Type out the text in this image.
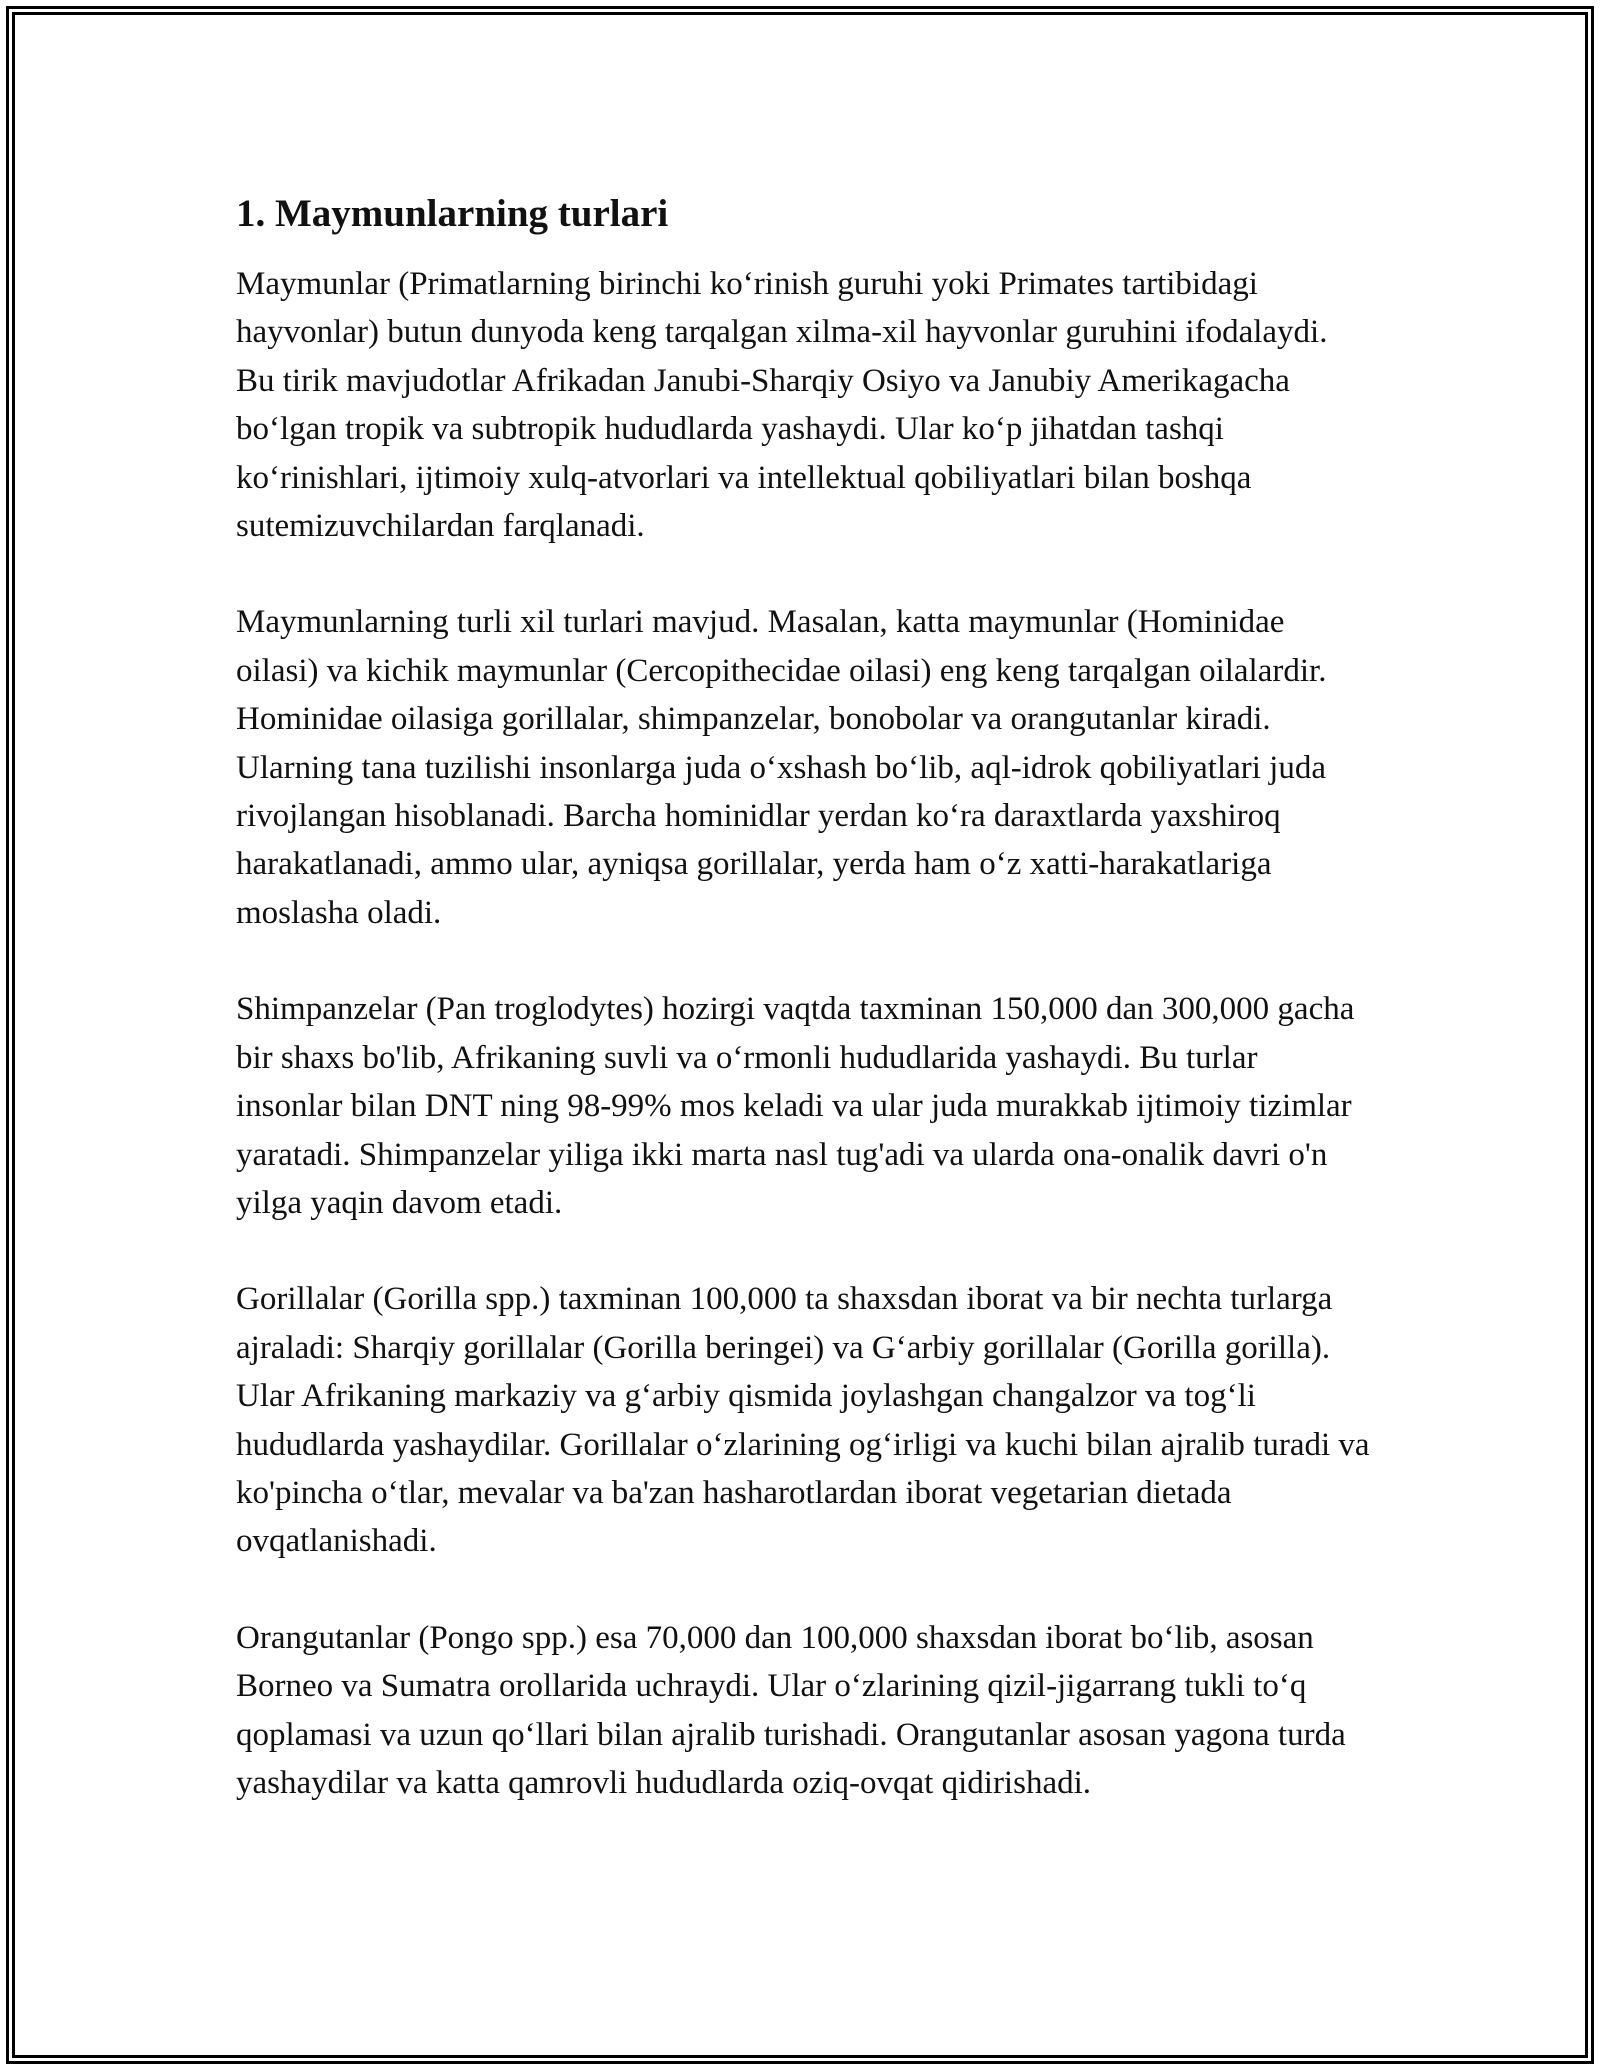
1. Maymunlarning turlari

Maymunlar (Primatlarning birinchi ko‘rinish guruhi yoki Primates tartibidagi hayvonlar) butun dunyoda keng tarqalgan xilma-xil hayvonlar guruhini ifodalaydi. Bu tirik mavjudotlar Afrikadan Janubi-Sharqiy Osiyo va Janubiy Amerikagacha bo‘lgan tropik va subtropik hududlarda yashaydi. Ular ko‘p jihatdan tashqi ko‘rinishlari, ijtimoiy xulq-atvorlari va intellektual qobiliyatlari bilan boshqa sutemizuvchilardan farqlanadi.

Maymunlarning turli xil turlari mavjud. Masalan, katta maymunlar (Hominidae oilasi) va kichik maymunlar (Cercopithecidae oilasi) eng keng tarqalgan oilalardir. Hominidae oilasiga gorillalar, shimpanzelar, bonobolar va orangutanlar kiradi. Ularning tana tuzilishi insonlarga juda o‘xshash bo‘lib, aql-idrok qobiliyatlari juda rivojlangan hisoblanadi. Barcha hominidlar yerdan ko‘ra daraxtlarda yaxshiroq harakatlanadi, ammo ular, ayniqsa gorillalar, yerda ham o‘z xatti-harakatlariga moslasha oladi.

Shimpanzelar (Pan troglodytes) hozirgi vaqtda taxminan 150,000 dan 300,000 gacha bir shaxs bo'lib, Afrikaning suvli va o‘rmonli hududlarida yashaydi. Bu turlar insonlar bilan DNT ning 98-99% mos keladi va ular juda murakkab ijtimoiy tizimlar yaratadi. Shimpanzelar yiliga ikki marta nasl tug'adi va ularda ona-onalik davri o'n yilga yaqin davom etadi.

Gorillalar (Gorilla spp.) taxminan 100,000 ta shaxsdan iborat va bir nechta turlarga ajraladi: Sharqiy gorillalar (Gorilla beringei) va G‘arbiy gorillalar (Gorilla gorilla). Ular Afrikaning markaziy va g‘arbiy qismida joylashgan changalzor va tog‘li hududlarda yashaydilar. Gorillalar o‘zlarining og‘irligi va kuchi bilan ajralib turadi va ko'pincha o‘tlar, mevalar va ba'zan hasharotlardan iborat vegetarian dietada ovqatlanishadi.

Orangutanlar (Pongo spp.) esa 70,000 dan 100,000 shaxsdan iborat bo‘lib, asosan Borneo va Sumatra orollarida uchraydi. Ular o‘zlarining qizil-jigarrang tukli to‘q qoplamasi va uzun qo‘llari bilan ajralib turishadi. Orangutanlar asosan yagona turda yashaydilar va katta qamrovli hududlarda oziq-ovqat qidirishadi.
